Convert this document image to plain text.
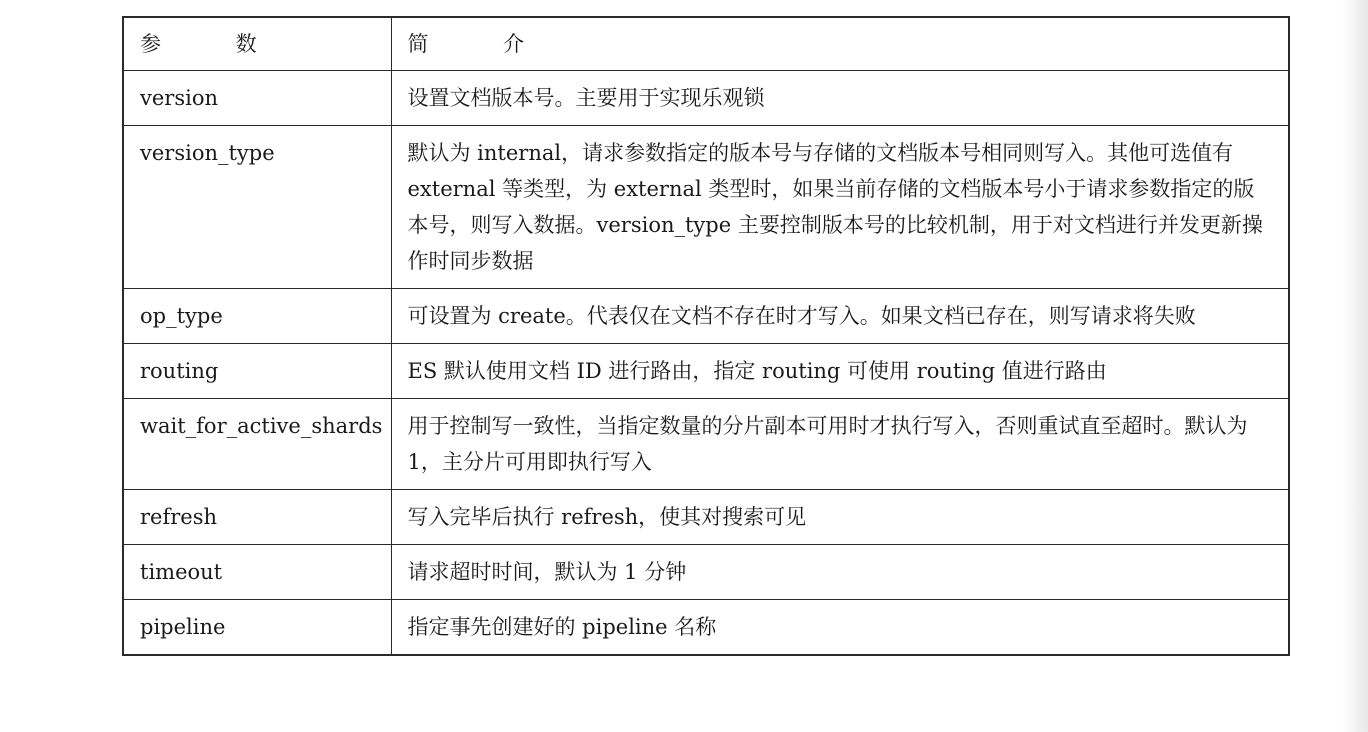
参 数	简 介
version	设置文档版本号。主要用于实现乐观锁
version_type	默认为 internal，请求参数指定的版本号与存储的文档版本号相同则写入。其他可选值有 external 等类型，为 external 类型时，如果当前存储的文档版本号小于请求参数指定的版本号，则写入数据。version_type 主要控制版本号的比较机制，用于对文档进行并发更新操作时同步数据
op_type	可设置为 create。代表仅在文档不存在时才写入。如果文档已存在，则写请求将失败
routing	ES 默认使用文档 ID 进行路由，指定 routing 可使用 routing 值进行路由
wait_for_active_shards	用于控制写一致性，当指定数量的分片副本可用时才执行写入，否则重试直至超时。默认为 1，主分片可用即执行写入
refresh	写入完毕后执行 refresh，使其对搜索可见
timeout	请求超时时间，默认为 1 分钟
pipeline	指定事先创建好的 pipeline 名称
